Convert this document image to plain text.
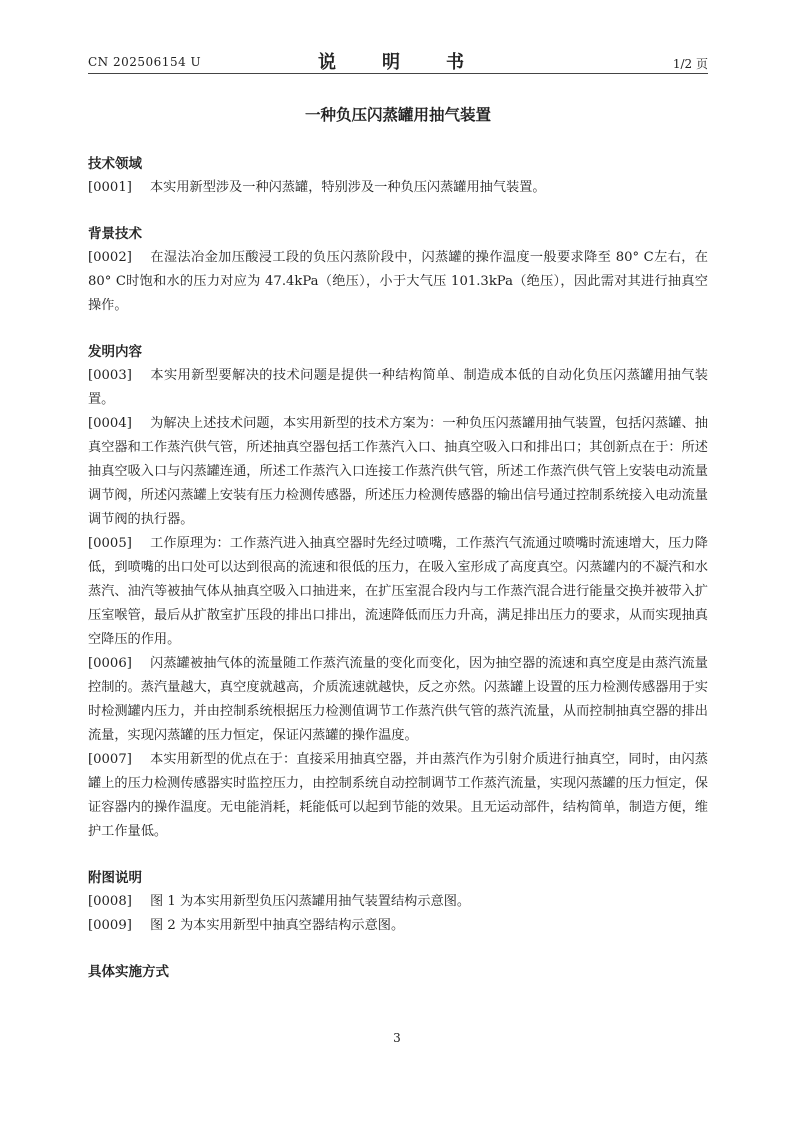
CN 202506154 U	说　明　书	1/2 页
一种负压闪蒸罐用抽气装置
技术领域

[0001] 本实用新型涉及一种闪蒸罐，特别涉及一种负压闪蒸罐用抽气装置。

背景技术

[0002] 在湿法冶金加压酸浸工段的负压闪蒸阶段中，闪蒸罐的操作温度一般要求降至 80° C左右，在 80° C时饱和水的压力对应为 47.4kPa（绝压），小于大气压 101.3kPa（绝压），因此需对其进行抽真空操作。

发明内容

[0003] 本实用新型要解决的技术问题是提供一种结构简单、制造成本低的自动化负压闪蒸罐用抽气装置。

[0004] 为解决上述技术问题，本实用新型的技术方案为：一种负压闪蒸罐用抽气装置，包括闪蒸罐、抽真空器和工作蒸汽供气管，所述抽真空器包括工作蒸汽入口、抽真空吸入口和排出口；其创新点在于：所述抽真空吸入口与闪蒸罐连通，所述工作蒸汽入口连接工作蒸汽供气管，所述工作蒸汽供气管上安装电动流量调节阀，所述闪蒸罐上安装有压力检测传感器，所述压力检测传感器的输出信号通过控制系统接入电动流量调节阀的执行器。

[0005] 工作原理为：工作蒸汽进入抽真空器时先经过喷嘴，工作蒸汽气流通过喷嘴时流速增大，压力降低，到喷嘴的出口处可以达到很高的流速和很低的压力，在吸入室形成了高度真空。闪蒸罐内的不凝汽和水蒸汽、油汽等被抽气体从抽真空吸入口抽进来，在扩压室混合段内与工作蒸汽混合进行能量交换并被带入扩压室喉管，最后从扩散室扩压段的排出口排出，流速降低而压力升高，满足排出压力的要求，从而实现抽真空降压的作用。

[0006] 闪蒸罐被抽气体的流量随工作蒸汽流量的变化而变化，因为抽空器的流速和真空度是由蒸汽流量控制的。蒸汽量越大，真空度就越高，介质流速就越快，反之亦然。闪蒸罐上设置的压力检测传感器用于实时检测罐内压力，并由控制系统根据压力检测值调节工作蒸汽供气管的蒸汽流量，从而控制抽真空器的排出流量，实现闪蒸罐的压力恒定，保证闪蒸罐的操作温度。

[0007] 本实用新型的优点在于：直接采用抽真空器，并由蒸汽作为引射介质进行抽真空，同时，由闪蒸罐上的压力检测传感器实时监控压力，由控制系统自动控制调节工作蒸汽流量，实现闪蒸罐的压力恒定，保证容器内的操作温度。无电能消耗，耗能低可以起到节能的效果。且无运动部件，结构简单，制造方便，维护工作量低。

附图说明

[0008] 图 1 为本实用新型负压闪蒸罐用抽气装置结构示意图。

[0009] 图 2 为本实用新型中抽真空器结构示意图。

具体实施方式
3
